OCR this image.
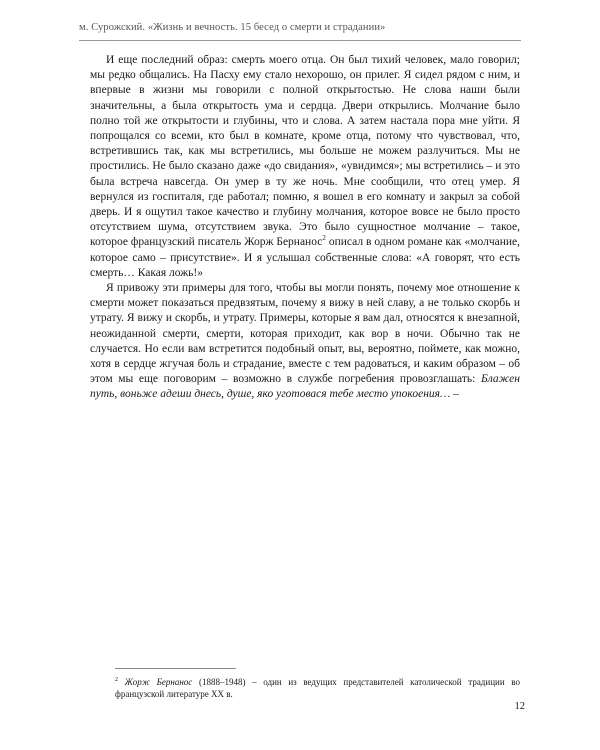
м. Сурожский. «Жизнь и вечность. 15 бесед о смерти и страдании»

И еще последний образ: смерть моего отца. Он был тихий человек, мало говорил; мы редко общались. На Пасху ему стало нехорошо, он прилег. Я сидел рядом с ним, и впервые в жизни мы говорили с полной открытостью. Не слова наши были значительны, а была открытость ума и сердца. Двери открылись. Молчание было полно той же открытости и глубины, что и слова. А затем настала пора мне уйти. Я попрощался со всеми, кто был в комнате, кроме отца, потому что чувствовал, что, встретившись так, как мы встретились, мы больше не можем разлучиться. Мы не простились. Не было сказано даже «до свидания», «увидимся»; мы встретились – и это была встреча навсегда. Он умер в ту же ночь. Мне сообщили, что отец умер. Я вернулся из госпиталя, где работал; помню, я вошел в его комнату и закрыл за собой дверь. И я ощутил такое качество и глубину молчания, которое вовсе не было просто отсутствием шума, отсутствием звука. Это было сущностное молчание – такое, которое французский писатель Жорж Бернанос$^2$ описал в одном романе как «молчание, которое само – присутствие». И я услышал собственные слова: «А говорят, что есть смерть… Какая ложь!»

Я привожу эти примеры для того, чтобы вы могли понять, почему мое отношение к смерти может показаться предвзятым, почему я вижу в ней славу, а не только скорбь и утрату. Я вижу и скорбь, и утрату. Примеры, которые я вам дал, относятся к внезапной, неожиданной смерти, смерти, которая приходит, как вор в ночи. Обычно так не случается. Но если вам встретится подобный опыт, вы, вероятно, поймете, как можно, хотя в сердце жгучая боль и страдание, вместе с тем радоваться, и каким образом – об этом мы еще поговорим – возможно в службе погребения провозглашать: Блажен путь, воньже адеши днесь, душе, яко уготовася тебе место упокоения… –

$^2$ Жорж Бернанос (1888–1948) – один из ведущих представителей католической традиции во французской литературе XX в.

12
